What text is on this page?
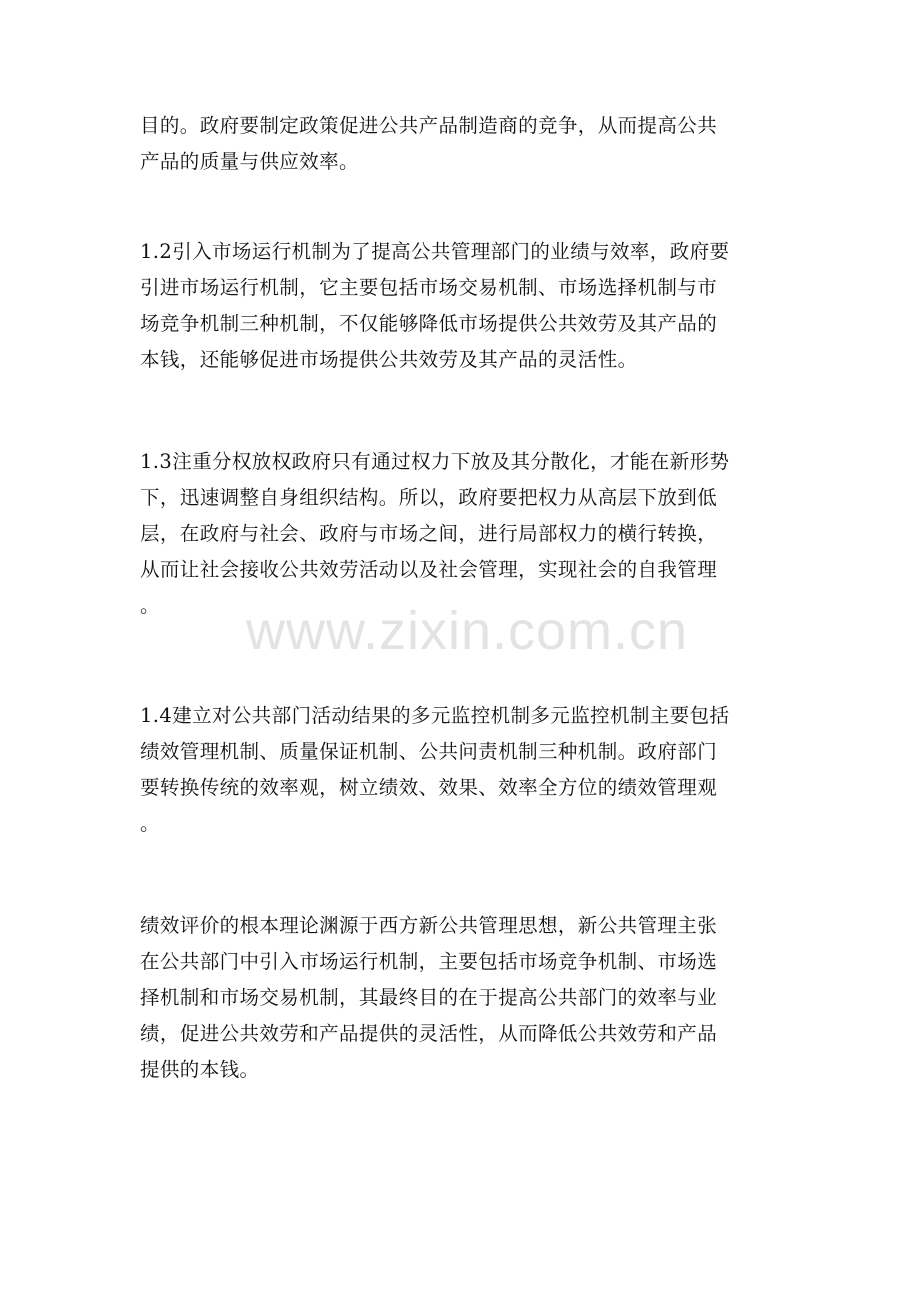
目的。政府要制定政策促进公共产品制造商的竞争，从而提高公共
产品的质量与供应效率。

1.2引入市场运行机制为了提高公共管理部门的业绩与效率，政府要
引进市场运行机制，它主要包括市场交易机制、市场选择机制与市
场竞争机制三种机制，不仅能够降低市场提供公共效劳及其产品的
本钱，还能够促进市场提供公共效劳及其产品的灵活性。

1.3注重分权放权政府只有通过权力下放及其分散化，才能在新形势
下，迅速调整自身组织结构。所以，政府要把权力从高层下放到低
层，在政府与社会、政府与市场之间，进行局部权力的横行转换，
从而让社会接收公共效劳活动以及社会管理，实现社会的自我管理
。

1.4建立对公共部门活动结果的多元监控机制多元监控机制主要包括
绩效管理机制、质量保证机制、公共问责机制三种机制。政府部门
要转换传统的效率观，树立绩效、效果、效率全方位的绩效管理观
。

绩效评价的根本理论渊源于西方新公共管理思想，新公共管理主张
在公共部门中引入市场运行机制，主要包括市场竞争机制、市场选
择机制和市场交易机制，其最终目的在于提高公共部门的效率与业
绩，促进公共效劳和产品提供的灵活性，从而降低公共效劳和产品
提供的本钱。

www.zixin.com.cn
